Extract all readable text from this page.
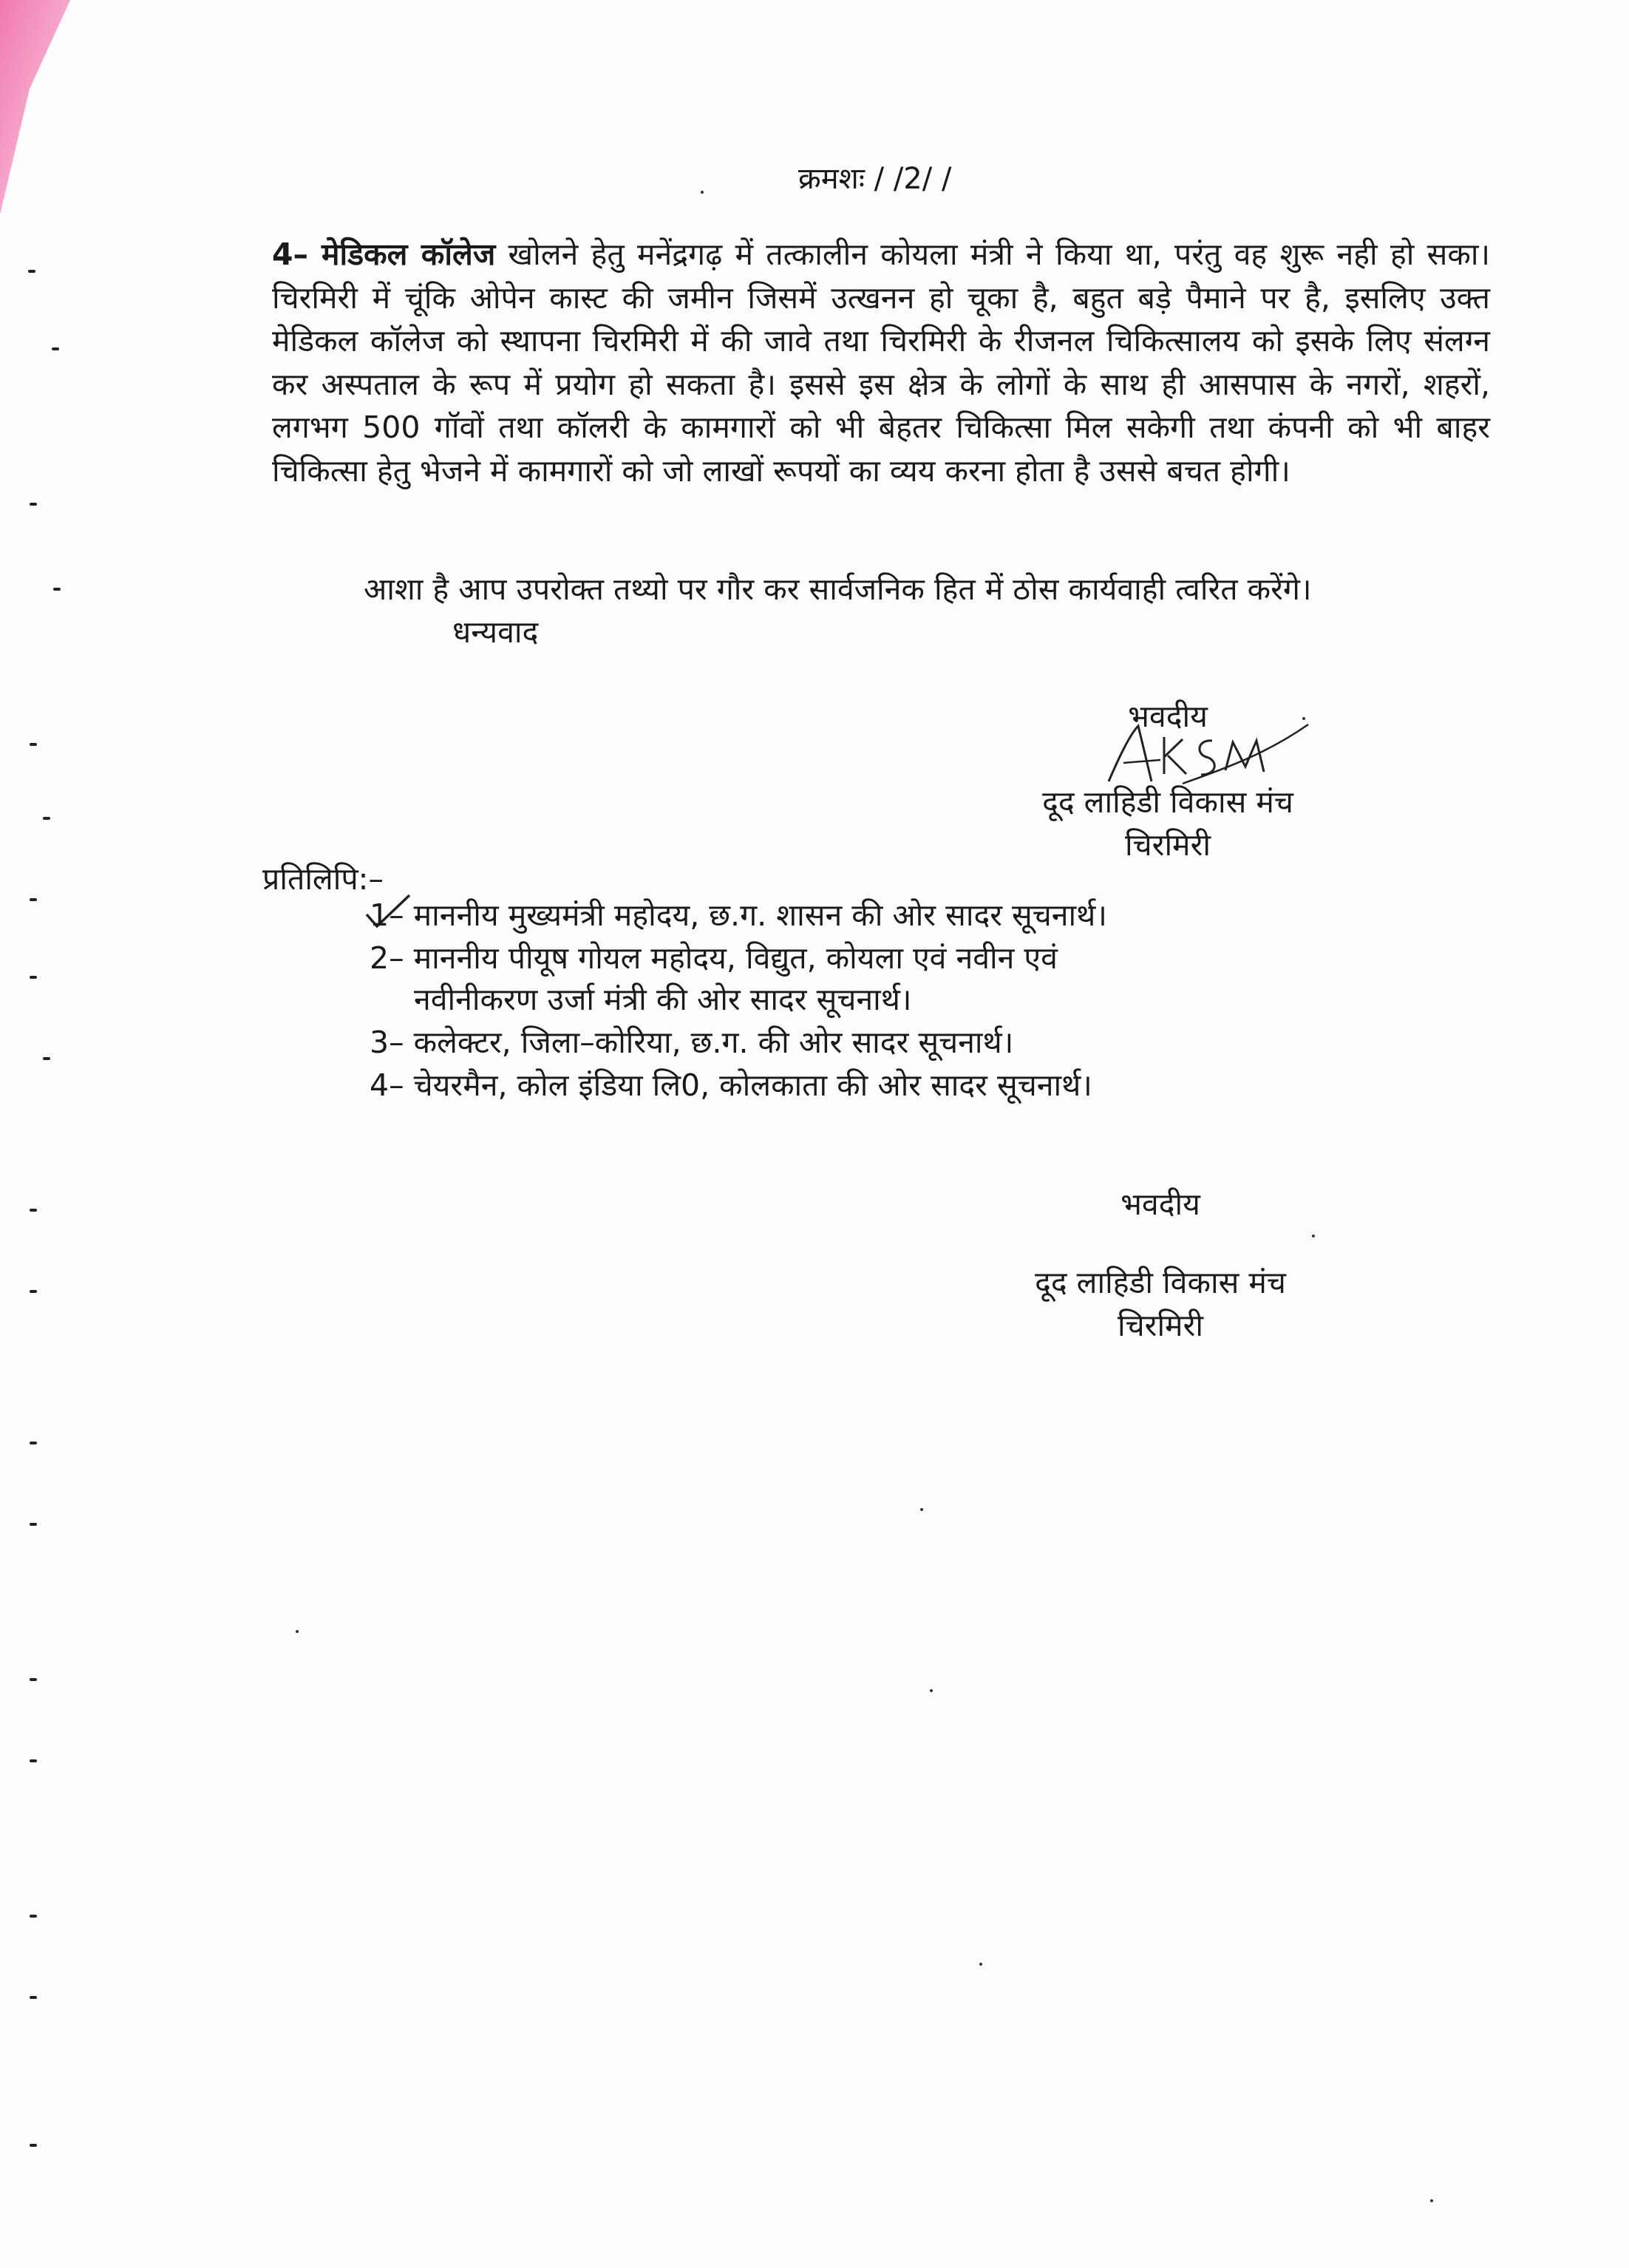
क्रमशः / /2/ /

4– मेडिकल कॉलेज खोलने हेतु मनेंद्रगढ़ में तत्कालीन कोयला मंत्री ने किया था, परंतु वह शुरू नही हो सका। चिरमिरी में चूंकि ओपेन कास्ट की जमीन जिसमें उत्खनन हो चूका है, बहुत बड़े पैमाने पर है, इसलिए उक्त मेडिकल कॉलेज को स्थापना चिरमिरी में की जावे तथा चिरमिरी के रीजनल चिकित्सालय को इसके लिए संलग्न कर अस्पताल के रूप में प्रयोग हो सकता है। इससे इस क्षेत्र के लोगों के साथ ही आसपास के नगरों, शहरों, लगभग 500 गॉवों तथा कॉलरी के कामगारों को भी बेहतर चिकित्सा मिल सकेगी तथा कंपनी को भी बाहर चिकित्सा हेतु भेजने में कामगारों को जो लाखों रूपयों का व्यय करना होता है उससे बचत होगी।

आशा है आप उपरोक्त तथ्यो पर गौर कर सार्वजनिक हित में ठोस कार्यवाही त्वरित करेंगे।
धन्यवाद
भवदीय
दूद लाहिडी विकास मंच
चिरमिरी
प्रतिलिपि:–
1– माननीय मुख्यमंत्री महोदय, छ.ग. शासन की ओर सादर सूचनार्थ।
2– माननीय पीयूष गोयल महोदय, विद्युत, कोयला एवं नवीन एवं
नवीनीकरण उर्जा मंत्री की ओर सादर सूचनार्थ।
3– कलेक्टर, जिला–कोरिया, छ.ग. की ओर सादर सूचनार्थ।
4– चेयरमैन, कोल इंडिया लि0, कोलकाता की ओर सादर सूचनार्थ।
भवदीय
दूद लाहिडी विकास मंच
चिरमिरी
